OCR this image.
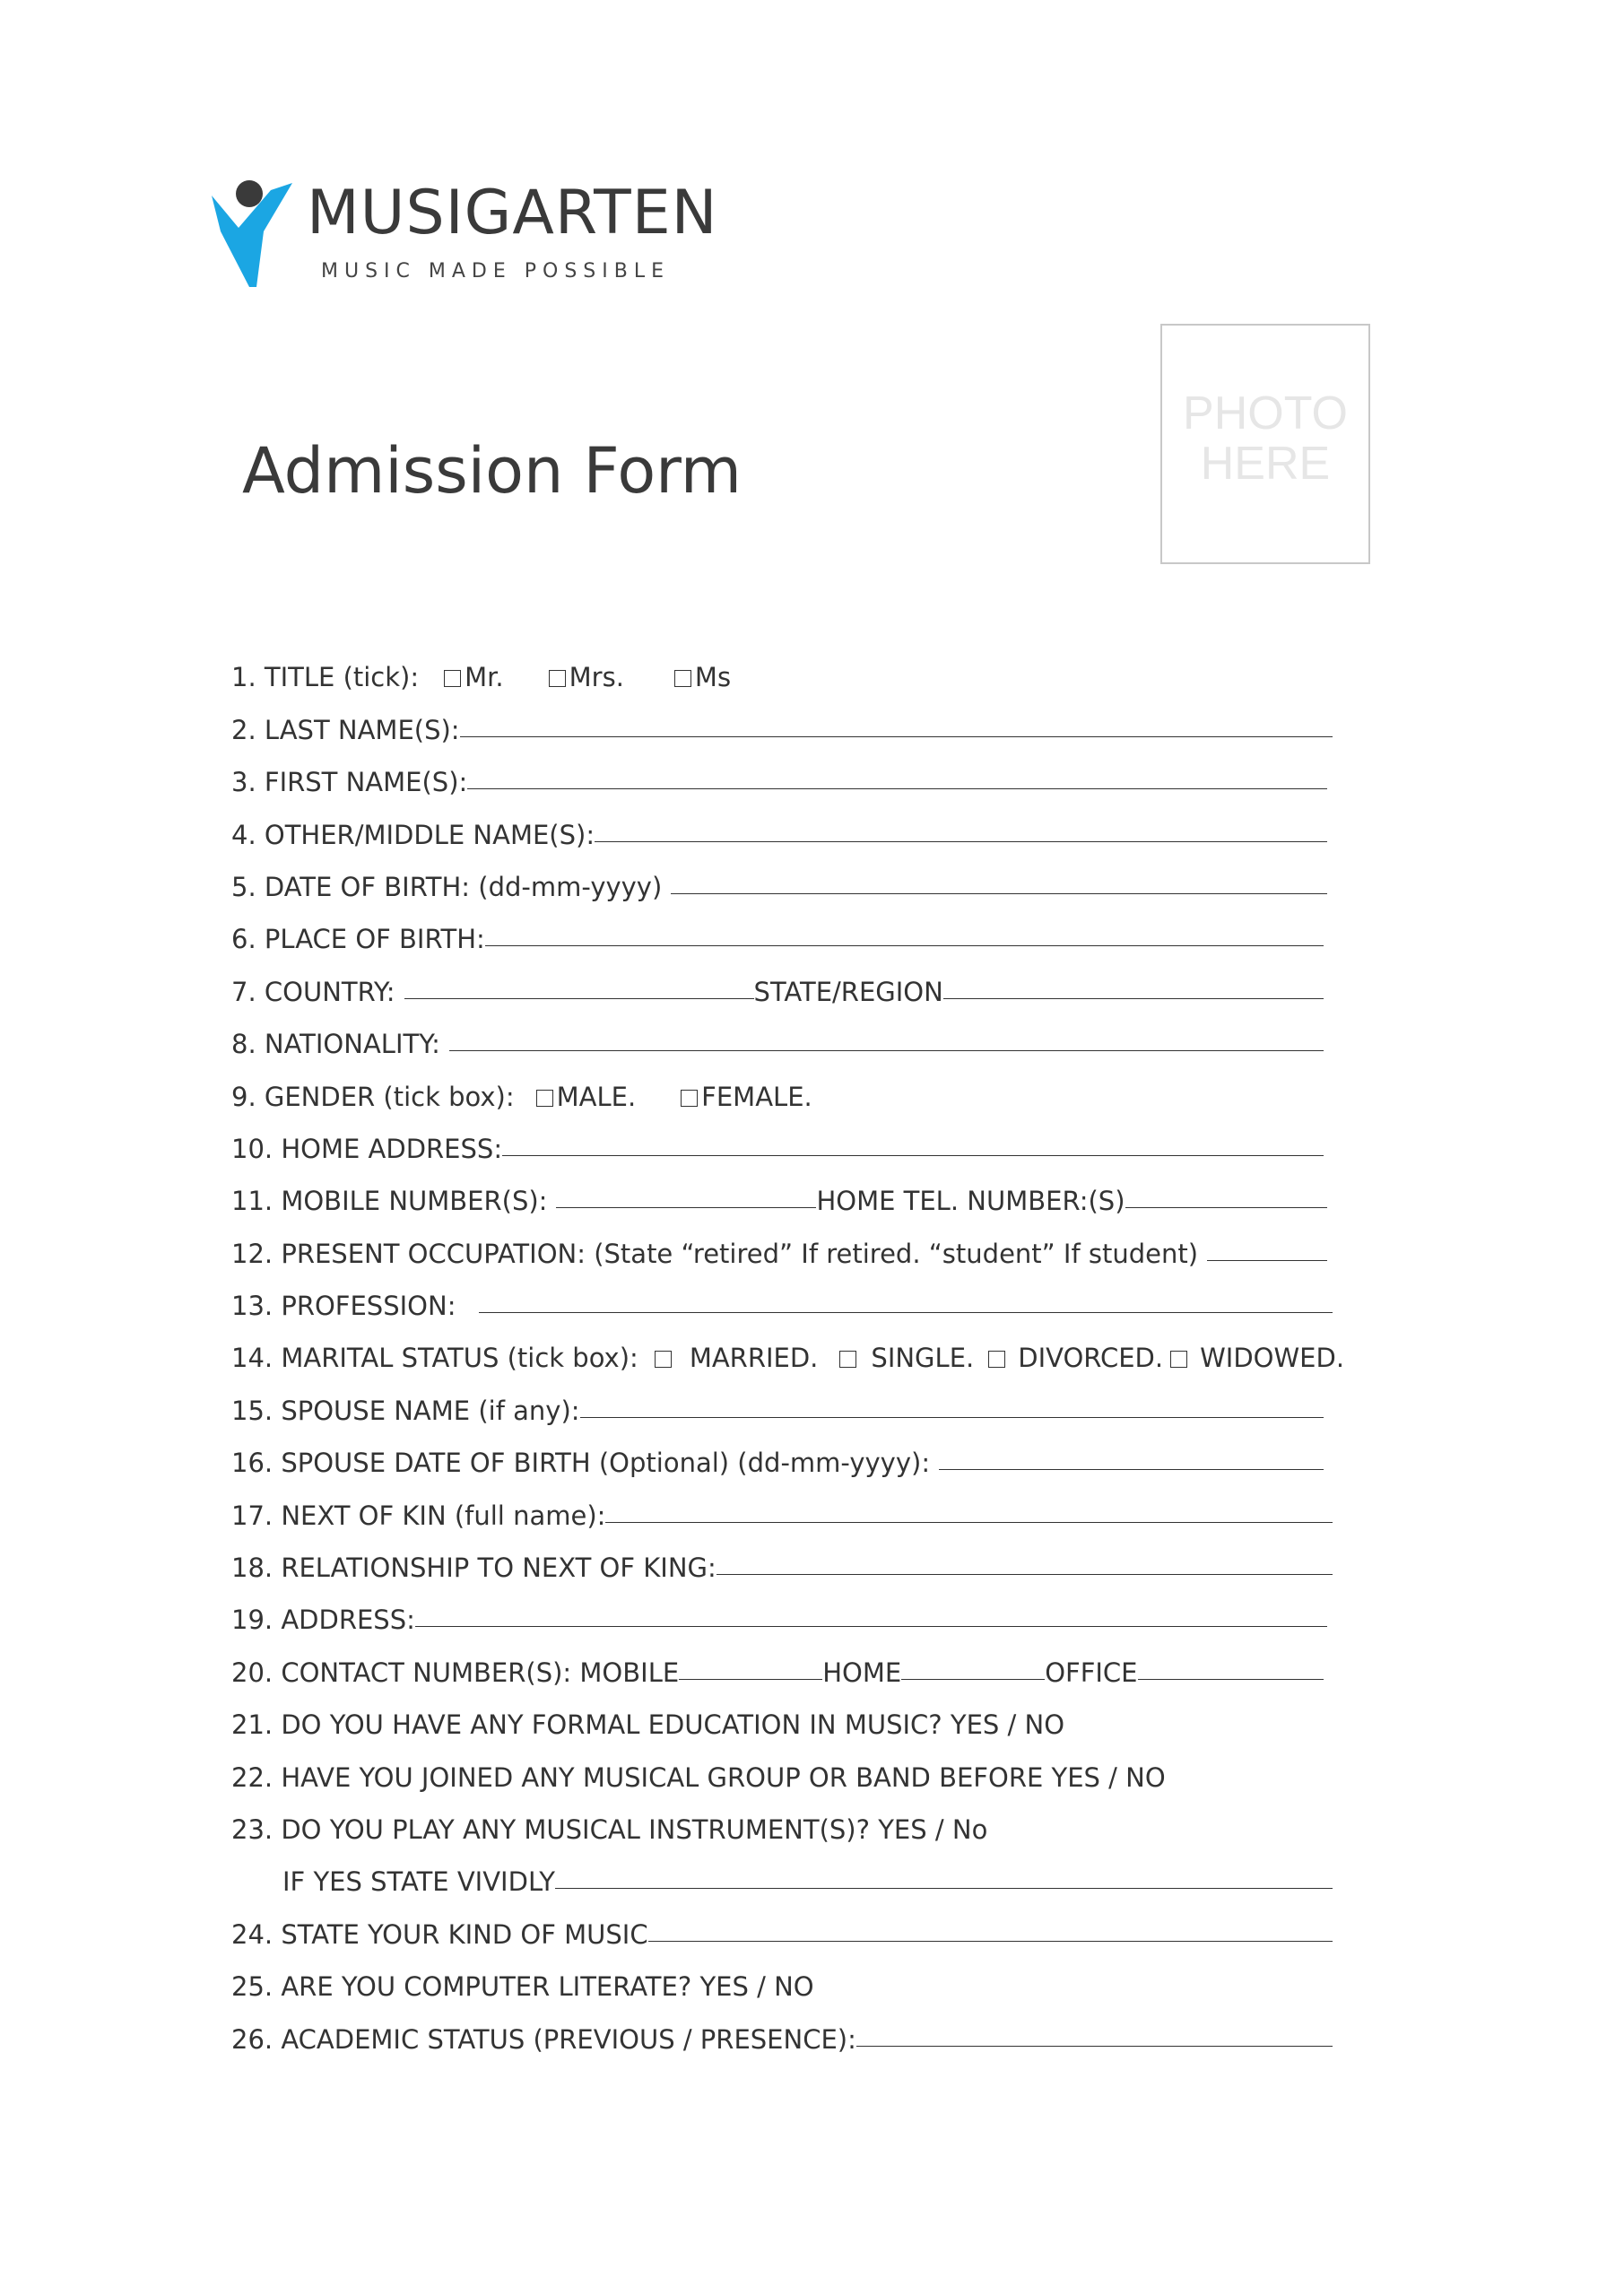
MUSIGARTEN
MUSIC MADE POSSIBLE
Admission Form
PHOTO
HERE
1. TITLE (tick):	Mr.	Mrs.	Ms
2. LAST NAME(S):
3. FIRST NAME(S):
4. OTHER/MIDDLE NAME(S):
5. DATE OF BIRTH: (dd-mm-yyyy)
6. PLACE OF BIRTH:
7. COUNTRY:	STATE/REGION
8. NATIONALITY:
9. GENDER (tick box):	MALE.	FEMALE.
10. HOME ADDRESS:
11. MOBILE NUMBER(S):	HOME TEL. NUMBER:(S)
12. PRESENT OCCUPATION: (State “retired” If retired. “student” If student)
13. PROFESSION:
14. MARITAL STATUS (tick box):	MARRIED.	SINGLE.	DIVORCED.	WIDOWED.
15. SPOUSE NAME (if any):
16. SPOUSE DATE OF BIRTH (Optional) (dd-mm-yyyy):
17. NEXT OF KIN (full name):
18. RELATIONSHIP TO NEXT OF KING:
19. ADDRESS:
20. CONTACT NUMBER(S): MOBILE	HOME	OFFICE
21. DO YOU HAVE ANY FORMAL EDUCATION IN MUSIC? YES / NO
22. HAVE YOU JOINED ANY MUSICAL GROUP OR BAND BEFORE YES / NO
23. DO YOU PLAY ANY MUSICAL INSTRUMENT(S)? YES / No
IF YES STATE VIVIDLY
24. STATE YOUR KIND OF MUSIC
25. ARE YOU COMPUTER LITERATE? YES / NO
26. ACADEMIC STATUS (PREVIOUS / PRESENCE):
